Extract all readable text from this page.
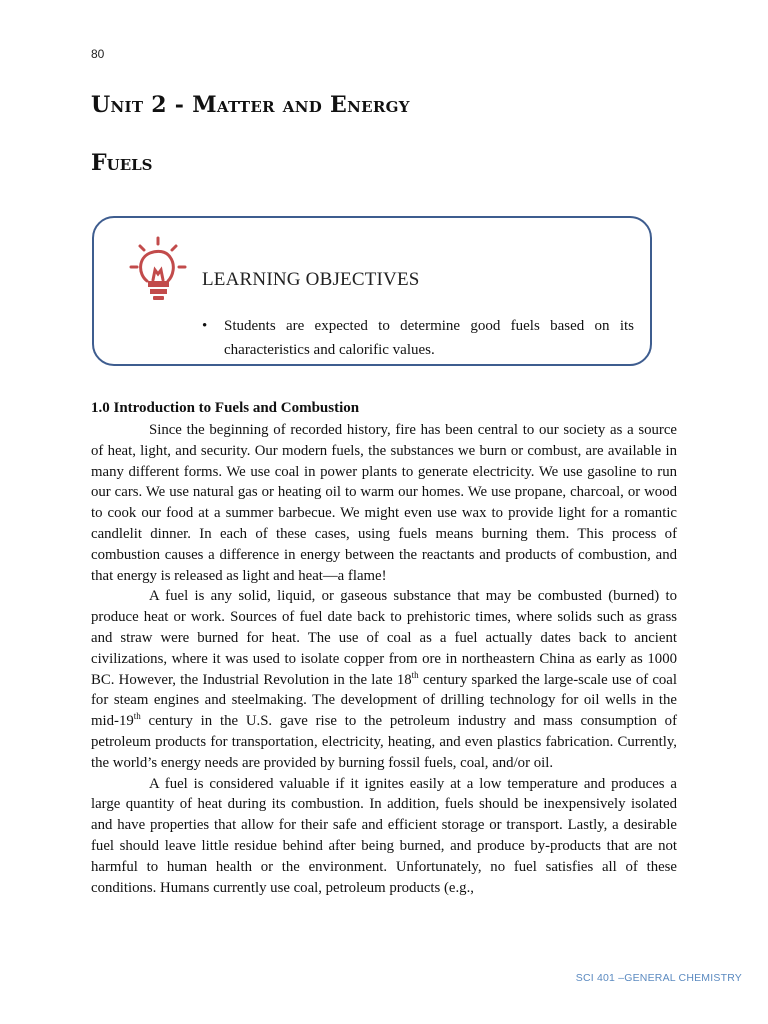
80
Unit 2 - Matter and Energy
Fuels
LEARNING OBJECTIVES
• Students are expected to determine good fuels based on its characteristics and calorific values.
1.0 Introduction to Fuels and Combustion

Since the beginning of recorded history, fire has been central to our society as a source of heat, light, and security. Our modern fuels, the substances we burn or combust, are available in many different forms. We use coal in power plants to generate electricity. We use gasoline to run our cars. We use natural gas or heating oil to warm our homes. We use propane, charcoal, or wood to cook our food at a summer barbecue. We might even use wax to provide light for a romantic candlelit dinner. In each of these cases, using fuels means burning them. This process of combustion causes a difference in energy between the reactants and products of combustion, and that energy is released as light and heat—a flame!

A fuel is any solid, liquid, or gaseous substance that may be combusted (burned) to produce heat or work. Sources of fuel date back to prehistoric times, where solids such as grass and straw were burned for heat. The use of coal as a fuel actually dates back to ancient civilizations, where it was used to isolate copper from ore in northeastern China as early as 1000 BC. However, the Industrial Revolution in the late 18th century sparked the large-scale use of coal for steam engines and steelmaking. The development of drilling technology for oil wells in the mid-19th century in the U.S. gave rise to the petroleum industry and mass consumption of petroleum products for transportation, electricity, heating, and even plastics fabrication. Currently, the world’s energy needs are provided by burning fossil fuels, coal, and/or oil.

A fuel is considered valuable if it ignites easily at a low temperature and produces a large quantity of heat during its combustion. In addition, fuels should be inexpensively isolated and have properties that allow for their safe and efficient storage or transport. Lastly, a desirable fuel should leave little residue behind after being burned, and produce by-products that are not harmful to human health or the environment. Unfortunately, no fuel satisfies all of these conditions. Humans currently use coal, petroleum products (e.g.,

SCI 401 –GENERAL CHEMISTRY
